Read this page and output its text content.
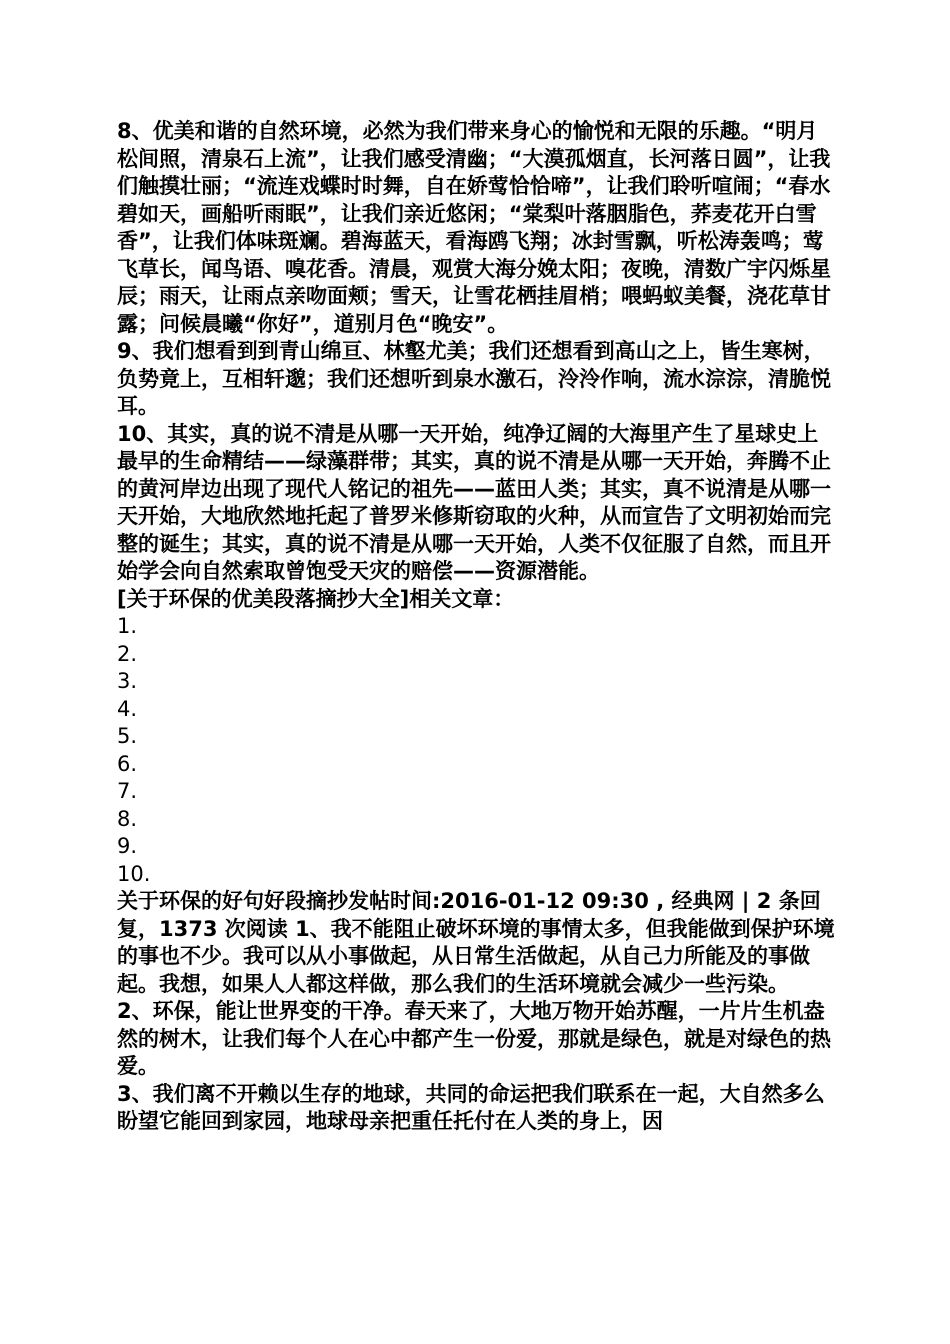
8、优美和谐的自然环境，必然为我们带来身心的愉悦和无限的乐趣。“明月松间照，清泉石上流”，让我们感受清幽；“大漠孤烟直，长河落日圆”，让我们触摸壮丽；“流连戏蝶时时舞，自在娇莺恰恰啼”，让我们聆听喧闹；“春水碧如天，画船听雨眠”，让我们亲近悠闲；“棠梨叶落胭脂色，荞麦花开白雪香”，让我们体味斑斓。碧海蓝天，看海鸥飞翔；冰封雪飘，听松涛轰鸣；莺飞草长，闻鸟语、嗅花香。清晨，观赏大海分娩太阳；夜晚，清数广宇闪烁星辰；雨天，让雨点亲吻面颊；雪天，让雪花栖挂眉梢；喂蚂蚁美餐，浇花草甘露；问候晨曦“你好”，道别月色“晚安”。

9、我们想看到到青山绵亘、林壑尤美；我们还想看到高山之上，皆生寒树，负势竟上，互相轩邈；我们还想听到泉水激石，泠泠作响，流水淙淙，清脆悦耳。

10、其实，真的说不清是从哪一天开始，纯净辽阔的大海里产生了星球史上最早的生命精结——绿藻群带；其实，真的说不清是从哪一天开始，奔腾不止的黄河岸边出现了现代人铭记的祖先——蓝田人类；其实，真不说清是从哪一天开始，大地欣然地托起了普罗米修斯窃取的火种，从而宣告了文明初始而完整的诞生；其实，真的说不清是从哪一天开始，人类不仅征服了自然，而且开始学会向自然索取曾饱受天灾的赔偿——资源潜能。

[关于环保的优美段落摘抄大全]相关文章：

1.

2.

3.

4.

5.

6.

7.

8.

9.

10.

关于环保的好句好段摘抄发帖时间:2016-01-12 09:30 , 经典网 | 2 条回复，1373 次阅读 1、我不能阻止破坏环境的事情太多，但我能做到保护环境的事也不少。我可以从小事做起，从日常生活做起，从自己力所能及的事做起。我想，如果人人都这样做，那么我们的生活环境就会减少一些污染。

2、环保，能让世界变的干净。春天来了，大地万物开始苏醒，一片片生机盎然的树木，让我们每个人在心中都产生一份爱，那就是绿色，就是对绿色的热爱。

3、我们离不开赖以生存的地球，共同的命运把我们联系在一起，大自然多么盼望它能回到家园，地球母亲把重任托付在人类的身上，因
